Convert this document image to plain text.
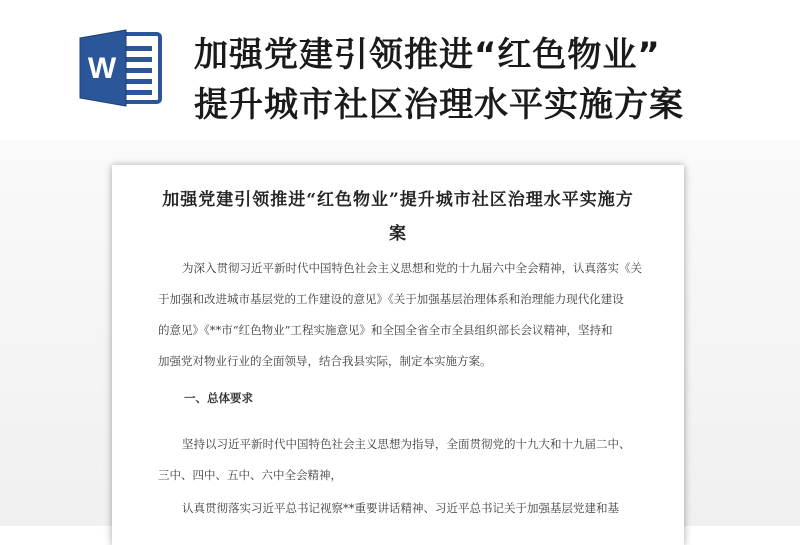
W 加强党建引领推进“红色物业”
提升城市社区治理水平实施方案
加强党建引领推进“红色物业”提升城市社区治理水平实施方
案
为深入贯彻习近平新时代中国特色社会主义思想和党的十九届六中全会精神，认真落实《关
于加强和改进城市基层党的工作建设的意见》《关于加强基层治理体系和治理能力现代化建设
的意见》《**市“红色物业”工程实施意见》和全国全省全市全县组织部长会议精神，坚持和
加强党对物业行业的全面领导，结合我县实际，制定本实施方案。
一、总体要求
坚持以习近平新时代中国特色社会主义思想为指导，全面贯彻党的十九大和十九届二中、
三中、四中、五中、六中全会精神，
认真贯彻落实习近平总书记视察**重要讲话精神、习近平总书记关于加强基层党建和基
